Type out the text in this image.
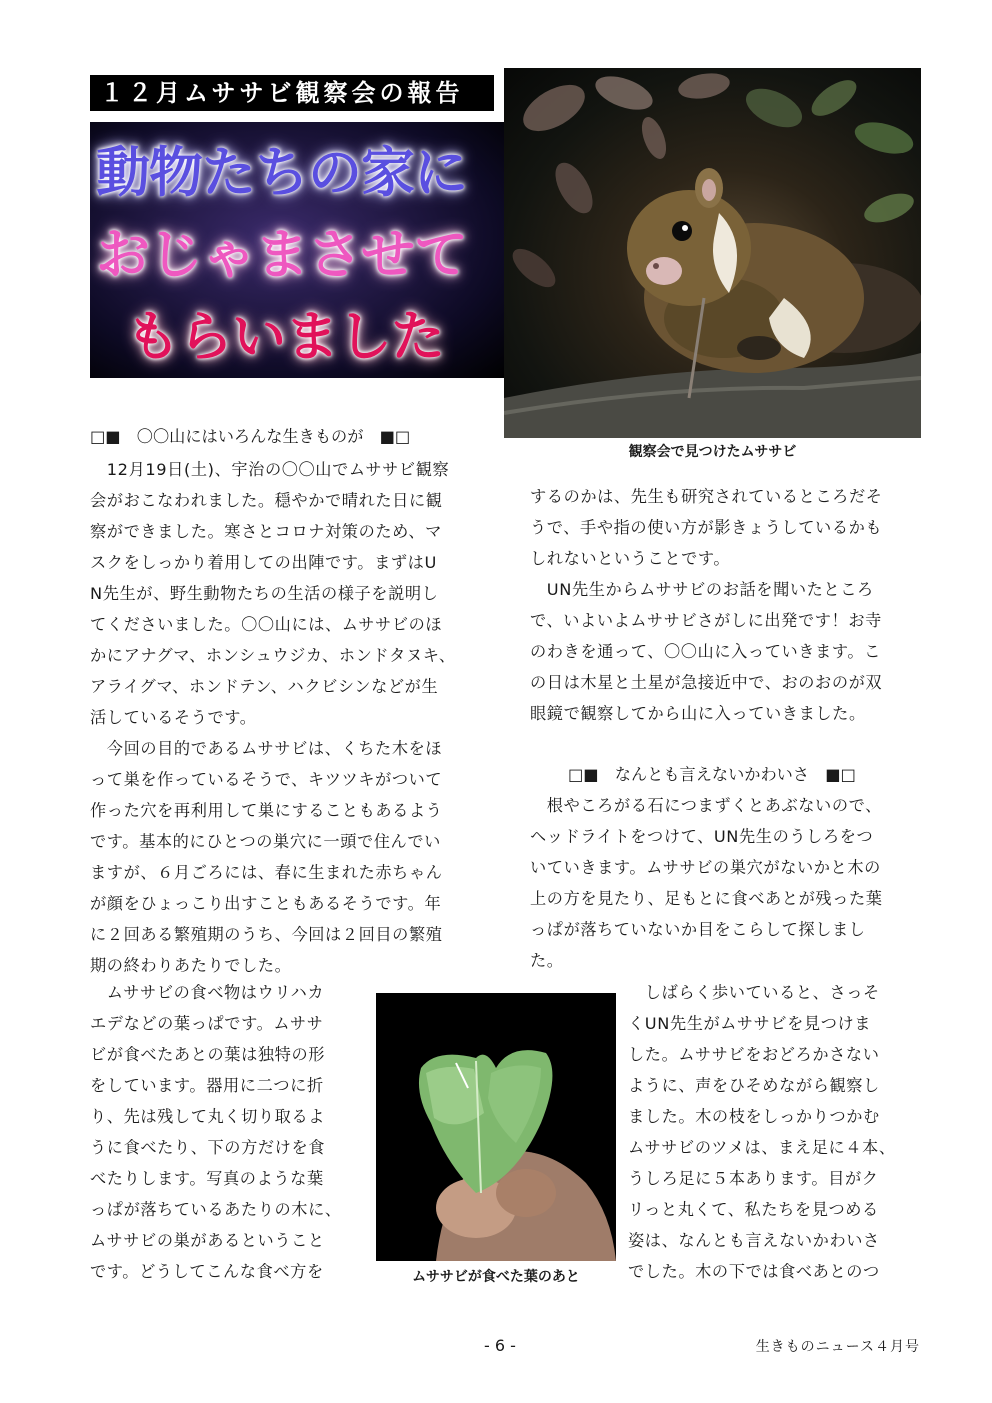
１２月ムササビ観察会の報告
動物たちの家に
おじゃまさせて
もらいました
観察会で見つけたムササビ
□■　〇〇山にはいろんな生きものが　■□
　12月19日(土)、宇治の〇〇山でムササビ観察
会がおこなわれました。穏やかで晴れた日に観
察ができました。寒さとコロナ対策のため、マ
スクをしっかり着用しての出陣です。まずはU
N先生が、野生動物たちの生活の様子を説明し
てくださいました。〇〇山には、ムササビのほ
かにアナグマ、ホンシュウジカ、ホンドタヌキ、
アライグマ、ホンドテン、ハクビシンなどが生
活しているそうです。
　今回の目的であるムササビは、くちた木をほ
って巣を作っているそうで、キツツキがついて
作った穴を再利用して巣にすることもあるよう
です。基本的にひとつの巣穴に一頭で住んでい
ますが、６月ごろには、春に生まれた赤ちゃん
が顔をひょっこり出すこともあるそうです。年
に２回ある繁殖期のうち、今回は２回目の繁殖
期の終わりあたりでした。
　ムササビの食べ物はウリハカ
エデなどの葉っぱです。ムササ
ビが食べたあとの葉は独特の形
をしています。器用に二つに折
り、先は残して丸く切り取るよ
うに食べたり、下の方だけを食
べたりします。写真のような葉
っぱが落ちているあたりの木に、
ムササビの巣があるということ
です。どうしてこんな食べ方を	ムササビが食べた葉のあと
するのかは、先生も研究されているところだそ
うで、手や指の使い方が影きょうしているかも
しれないということです。
　UN先生からムササビのお話を聞いたところ
で、いよいよムササビさがしに出発です！お寺
のわきを通って、〇〇山に入っていきます。こ
の日は木星と土星が急接近中で、おのおのが双
眼鏡で観察してから山に入っていきました。
□■　なんとも言えないかわいさ　■□
　根やころがる石につまずくとあぶないので、
ヘッドライトをつけて、UN先生のうしろをつ
いていきます。ムササビの巣穴がないかと木の
上の方を見たり、足もとに食べあとが残った葉
っぱが落ちていないか目をこらして探しまし
た。
　しばらく歩いていると、さっそ
くUN先生がムササビを見つけま
した。ムササビをおどろかさない
ように、声をひそめながら観察し
ました。木の枝をしっかりつかむ
ムササビのツメは、まえ足に４本、
うしろ足に５本あります。目がク
リっと丸くて、私たちを見つめる
姿は、なんとも言えないかわいさ
でした。木の下では食べあとのつ
- 6 -	生きものニュース４月号
